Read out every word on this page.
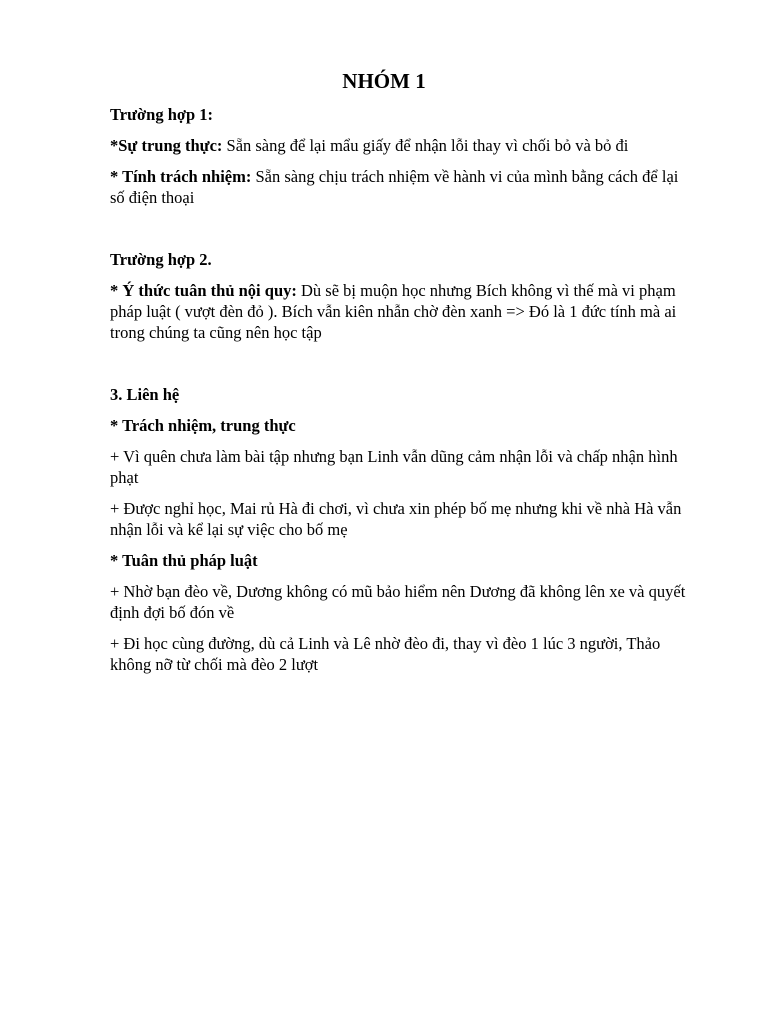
NHÓM 1

Trường hợp 1:

*Sự trung thực: Sẵn sàng để lại mẩu giấy để nhận lỗi thay vì chối bỏ và bỏ đi

* Tính trách nhiệm: Sẵn sàng chịu trách nhiệm về hành vi của mình bằng cách để lại số điện thoại

Trường hợp 2.

* Ý thức tuân thủ nội quy: Dù sẽ bị muộn học nhưng Bích không vì thế mà vi phạm pháp luật ( vượt đèn đỏ ). Bích vẫn kiên nhẫn chờ đèn xanh => Đó là 1 đức tính mà ai trong chúng ta cũng nên học tập

3. Liên hệ

* Trách nhiệm, trung thực

+ Vì quên chưa làm bài tập nhưng bạn Linh vẫn dũng cảm nhận lỗi và chấp nhận hình phạt

+ Được nghỉ học, Mai rủ Hà đi chơi, vì chưa xin phép bố mẹ nhưng khi về nhà Hà vẫn nhận lỗi và kể lại sự việc cho bố mẹ

* Tuân thủ pháp luật

+ Nhờ bạn đèo về, Dương không có mũ bảo hiểm nên Dương đã không lên xe và quyết định đợi bố đón về

+ Đi học cùng đường, dù cả Linh và Lê nhờ đèo đi, thay vì đèo 1 lúc 3 người, Thảo không nỡ từ chối mà đèo 2 lượt
